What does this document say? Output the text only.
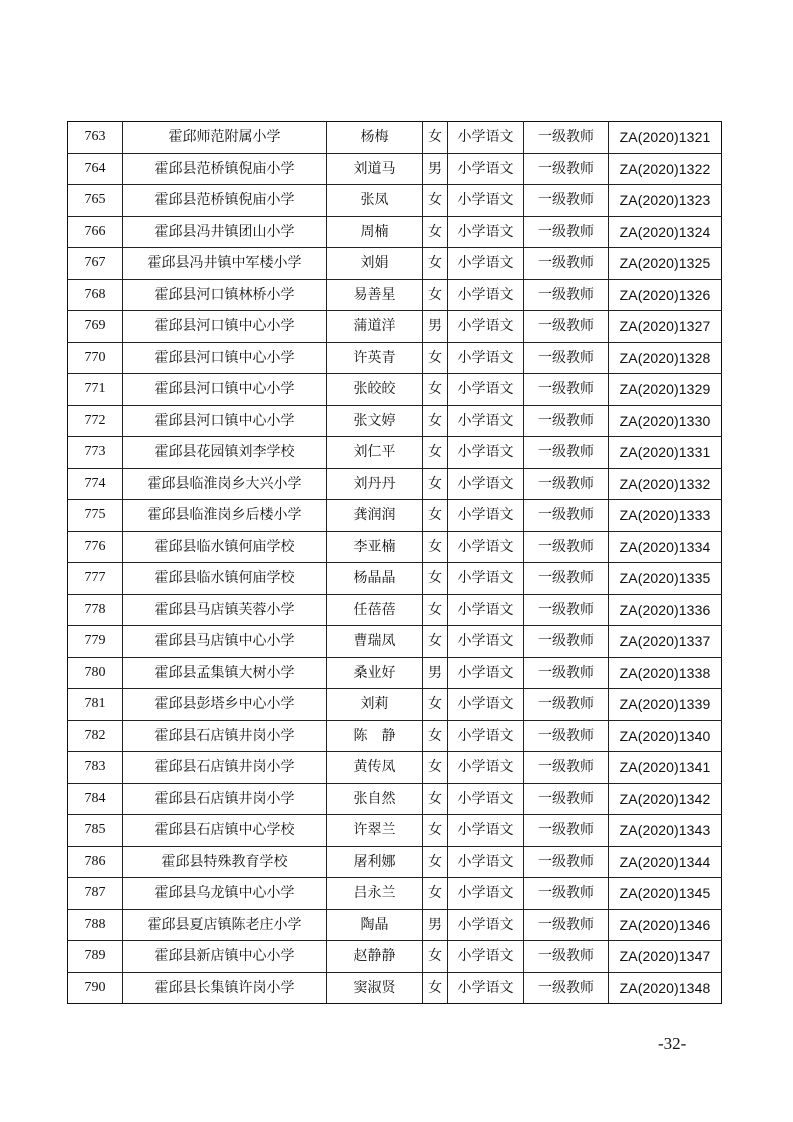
763	霍邱师范附属小学	杨梅	女	小学语文	一级教师	ZA(2020)1321
764	霍邱县范桥镇倪庙小学	刘道马	男	小学语文	一级教师	ZA(2020)1322
765	霍邱县范桥镇倪庙小学	张凤	女	小学语文	一级教师	ZA(2020)1323
766	霍邱县冯井镇团山小学	周楠	女	小学语文	一级教师	ZA(2020)1324
767	霍邱县冯井镇中军楼小学	刘娟	女	小学语文	一级教师	ZA(2020)1325
768	霍邱县河口镇林桥小学	易善星	女	小学语文	一级教师	ZA(2020)1326
769	霍邱县河口镇中心小学	蒲道洋	男	小学语文	一级教师	ZA(2020)1327
770	霍邱县河口镇中心小学	许英青	女	小学语文	一级教师	ZA(2020)1328
771	霍邱县河口镇中心小学	张皎皎	女	小学语文	一级教师	ZA(2020)1329
772	霍邱县河口镇中心小学	张文婷	女	小学语文	一级教师	ZA(2020)1330
773	霍邱县花园镇刘李学校	刘仁平	女	小学语文	一级教师	ZA(2020)1331
774	霍邱县临淮岗乡大兴小学	刘丹丹	女	小学语文	一级教师	ZA(2020)1332
775	霍邱县临淮岗乡后楼小学	龚润润	女	小学语文	一级教师	ZA(2020)1333
776	霍邱县临水镇何庙学校	李亚楠	女	小学语文	一级教师	ZA(2020)1334
777	霍邱县临水镇何庙学校	杨晶晶	女	小学语文	一级教师	ZA(2020)1335
778	霍邱县马店镇芙蓉小学	任蓓蓓	女	小学语文	一级教师	ZA(2020)1336
779	霍邱县马店镇中心小学	曹瑞凤	女	小学语文	一级教师	ZA(2020)1337
780	霍邱县孟集镇大树小学	桑业好	男	小学语文	一级教师	ZA(2020)1338
781	霍邱县彭塔乡中心小学	刘莉	女	小学语文	一级教师	ZA(2020)1339
782	霍邱县石店镇井岗小学	陈　静	女	小学语文	一级教师	ZA(2020)1340
783	霍邱县石店镇井岗小学	黄传凤	女	小学语文	一级教师	ZA(2020)1341
784	霍邱县石店镇井岗小学	张自然	女	小学语文	一级教师	ZA(2020)1342
785	霍邱县石店镇中心学校	许翠兰	女	小学语文	一级教师	ZA(2020)1343
786	霍邱县特殊教育学校	屠利娜	女	小学语文	一级教师	ZA(2020)1344
787	霍邱县乌龙镇中心小学	吕永兰	女	小学语文	一级教师	ZA(2020)1345
788	霍邱县夏店镇陈老庄小学	陶晶	男	小学语文	一级教师	ZA(2020)1346
789	霍邱县新店镇中心小学	赵静静	女	小学语文	一级教师	ZA(2020)1347
790	霍邱县长集镇许岗小学	窦淑贤	女	小学语文	一级教师	ZA(2020)1348
-32-
